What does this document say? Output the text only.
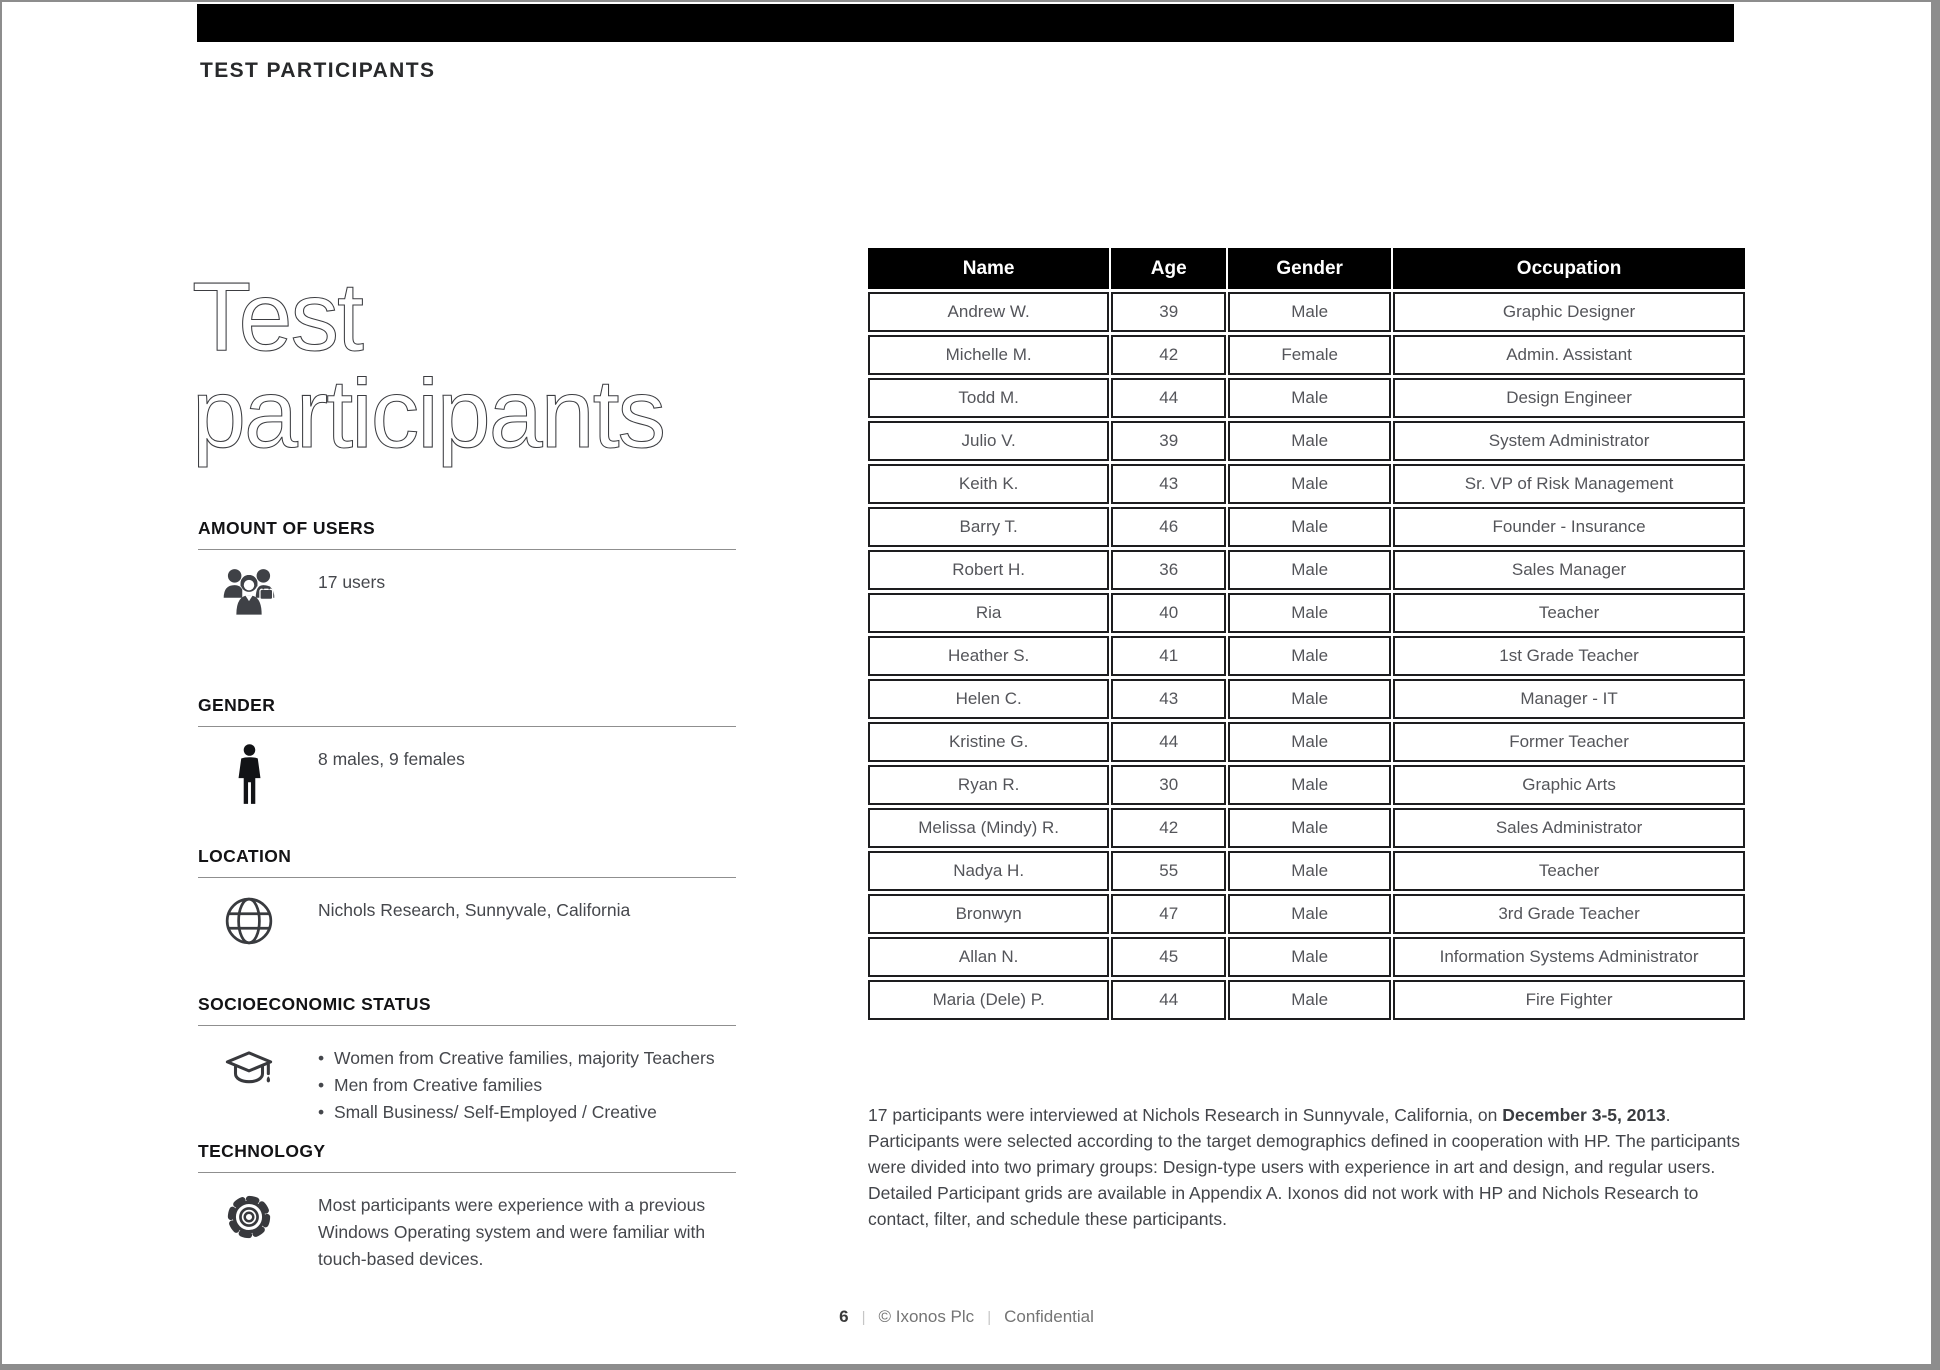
TEST PARTICIPANTS
Test
participants
AMOUNT OF USERS
17 users
GENDER
8 males, 9 females
LOCATION
Nichols Research, Sunnyvale, California
SOCIOECONOMIC STATUS
• Women from Creative families, majority Teachers
• Men from Creative families
• Small Business/ Self-Employed / Creative
TECHNOLOGY
Most participants were experience with a previous Windows Operating system and were familiar with touch-based devices.
Name	Age	Gender	Occupation
Andrew W.	39	Male	Graphic Designer
Michelle M.	42	Female	Admin. Assistant
Todd M.	44	Male	Design Engineer
Julio V.	39	Male	System Administrator
Keith K.	43	Male	Sr. VP of Risk Management
Barry T.	46	Male	Founder - Insurance
Robert H.	36	Male	Sales Manager
Ria	40	Male	Teacher
Heather S.	41	Male	1st Grade Teacher
Helen C.	43	Male	Manager - IT
Kristine G.	44	Male	Former Teacher
Ryan R.	30	Male	Graphic Arts
Melissa (Mindy) R.	42	Male	Sales Administrator
Nadya H.	55	Male	Teacher
Bronwyn	47	Male	3rd Grade Teacher
Allan N.	45	Male	Information Systems Administrator
Maria (Dele) P.	44	Male	Fire Fighter

17 participants were interviewed at Nichols Research in Sunnyvale, California, on December 3-5, 2013. Participants were selected according to the target demographics defined in cooperation with HP. The participants were divided into two primary groups: Design-type users with experience in art and design, and regular users. Detailed Participant grids are available in Appendix A. Ixonos did not work with HP and Nichols Research to contact, filter, and schedule these participants.

6 | © Ixonos Plc | Confidential
